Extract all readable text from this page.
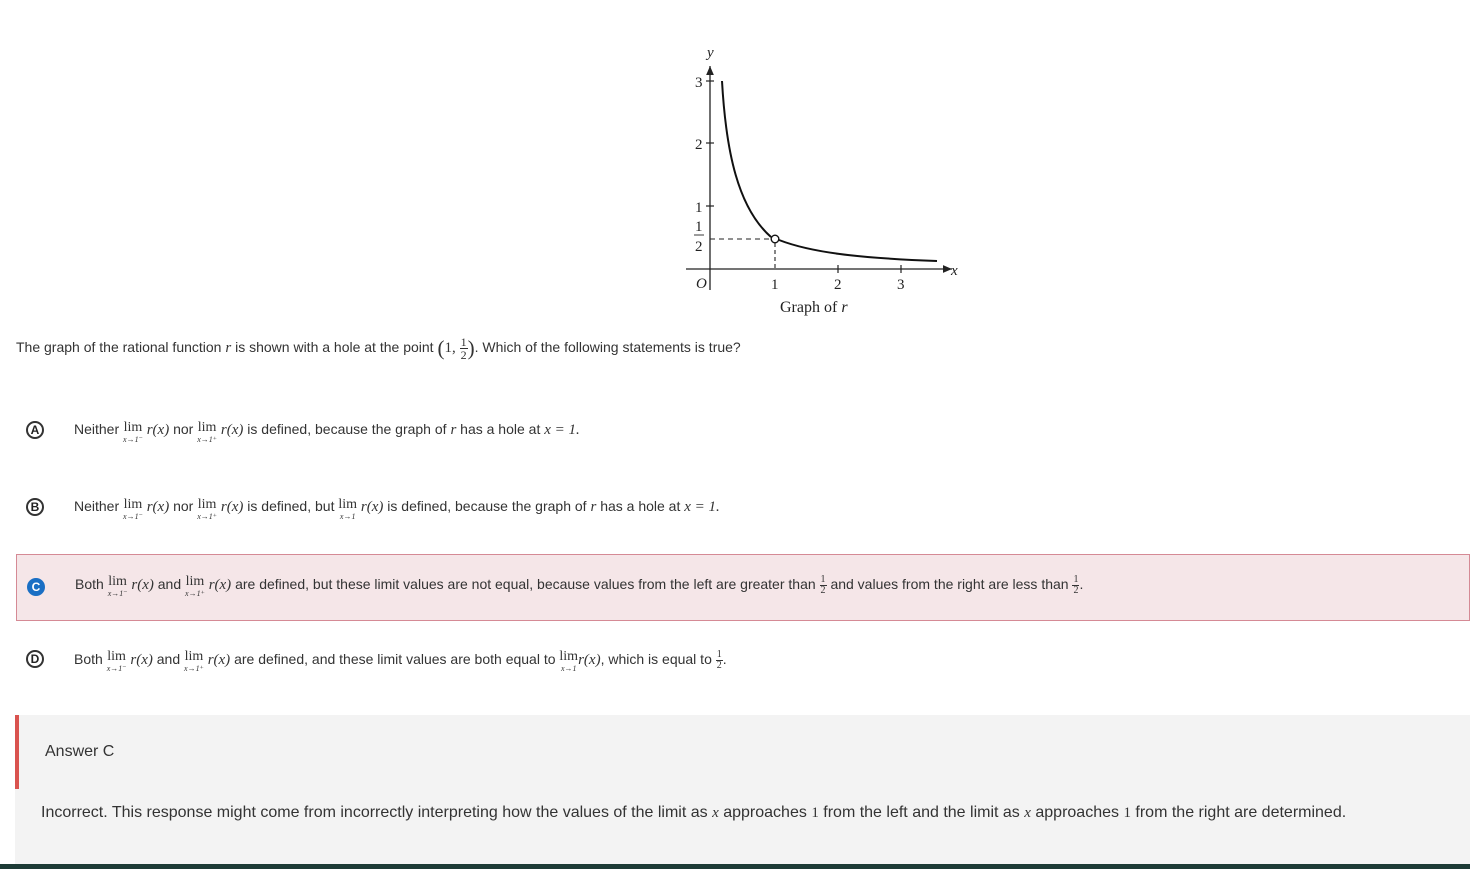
y
x
O
3
2
1
1
2
1	2	3
Graph of r
The graph of the rational function r is shown with a hole at the point (1, $\frac{1}{2}$ ). Which of the following statements is true?
A	Neither lim
x→1⁻
r(x) nor lim
x→1⁺
r(x) is defined, because the graph of r has a hole at x = 1.
B	Neither lim
x→1⁻
r(x) nor lim
x→1⁺
r(x) is defined, but lim
x→1
r(x) is defined, because the graph of r has a hole at x = 1.
C	Both lim
x→1⁻
r(x) and lim
x→1⁺
r(x) are defined, but these limit values are not equal, because values from the left are greater than $\frac{1}{2}$ and values from the right are less than $\frac{1}{2}$ .
D	Both lim
x→1⁻
r(x) and lim
x→1⁺
r(x) are defined, and these limit values are both equal to lim
x→1
r(x), which is equal to $\frac{1}{2}$ .
Answer C
Incorrect. This response might come from incorrectly interpreting how the values of the limit as x approaches 1 from the left and the limit as x approaches 1 from the right are determined.
